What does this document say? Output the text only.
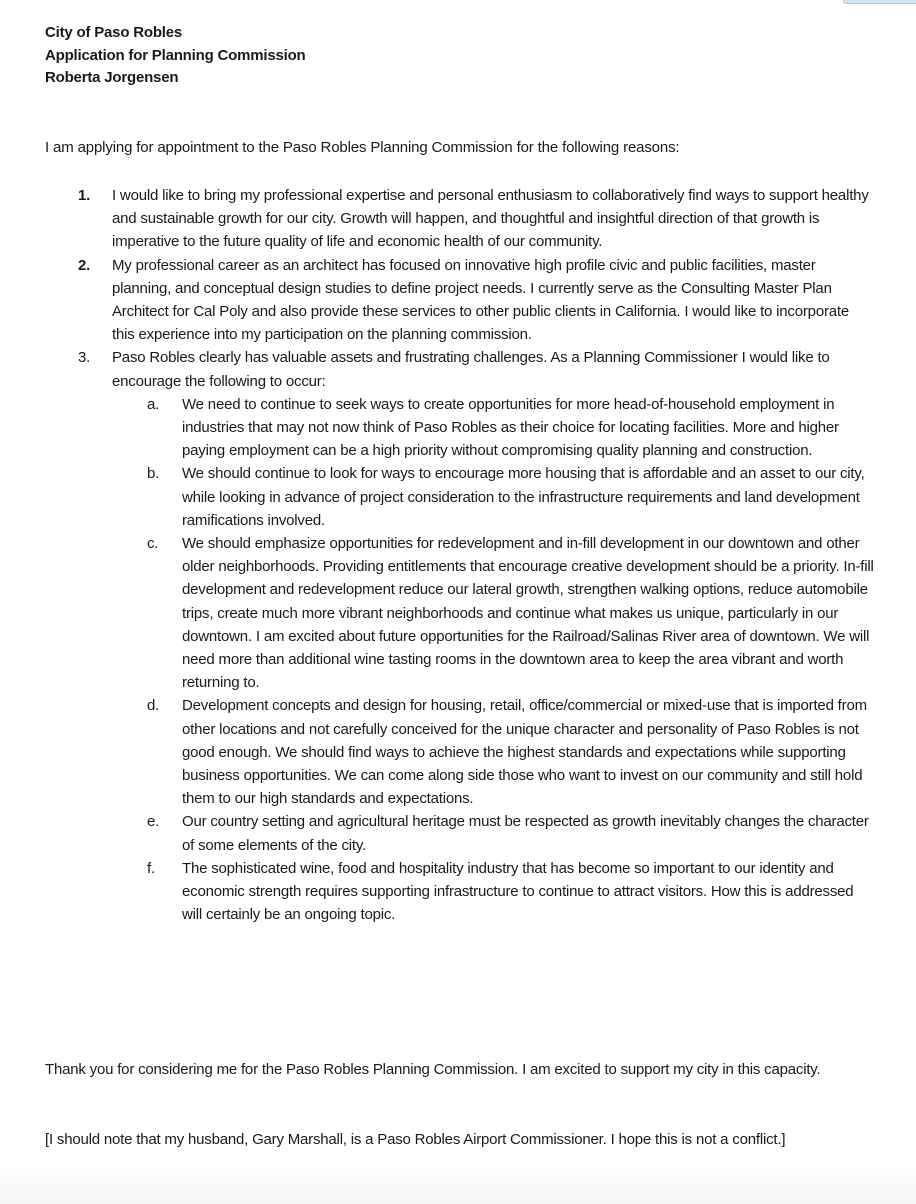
City of Paso Robles
Application for Planning Commission
Roberta Jorgensen
I am applying for appointment to the Paso Robles Planning Commission for the following reasons:
1. I would like to bring my professional expertise and personal enthusiasm to collaboratively find ways to support healthy and sustainable growth for our city. Growth will happen, and thoughtful and insightful direction of that growth is imperative to the future quality of life and economic health of our community.
2. My professional career as an architect has focused on innovative high profile civic and public facilities, master planning, and conceptual design studies to define project needs. I currently serve as the Consulting Master Plan Architect for Cal Poly and also provide these services to other public clients in California. I would like to incorporate this experience into my participation on the planning commission.
3. Paso Robles clearly has valuable assets and frustrating challenges. As a Planning Commissioner I would like to encourage the following to occur:
a. We need to continue to seek ways to create opportunities for more head-of-household employment in industries that may not now think of Paso Robles as their choice for locating facilities. More and higher paying employment can be a high priority without compromising quality planning and construction.
b. We should continue to look for ways to encourage more housing that is affordable and an asset to our city, while looking in advance of project consideration to the infrastructure requirements and land development ramifications involved.
c. We should emphasize opportunities for redevelopment and in-fill development in our downtown and other older neighborhoods. Providing entitlements that encourage creative development should be a priority. In-fill development and redevelopment reduce our lateral growth, strengthen walking options, reduce automobile trips, create much more vibrant neighborhoods and continue what makes us unique, particularly in our downtown. I am excited about future opportunities for the Railroad/Salinas River area of downtown. We will need more than additional wine tasting rooms in the downtown area to keep the area vibrant and worth returning to.
d. Development concepts and design for housing, retail, office/commercial or mixed-use that is imported from other locations and not carefully conceived for the unique character and personality of Paso Robles is not good enough. We should find ways to achieve the highest standards and expectations while supporting business opportunities. We can come along side those who want to invest on our community and still hold them to our high standards and expectations.
e. Our country setting and agricultural heritage must be respected as growth inevitably changes the character of some elements of the city.
f. The sophisticated wine, food and hospitality industry that has become so important to our identity and economic strength requires supporting infrastructure to continue to attract visitors. How this is addressed will certainly be an ongoing topic.
Thank you for considering me for the Paso Robles Planning Commission. I am excited to support my city in this capacity.
[I should note that my husband, Gary Marshall, is a Paso Robles Airport Commissioner. I hope this is not a conflict.]
